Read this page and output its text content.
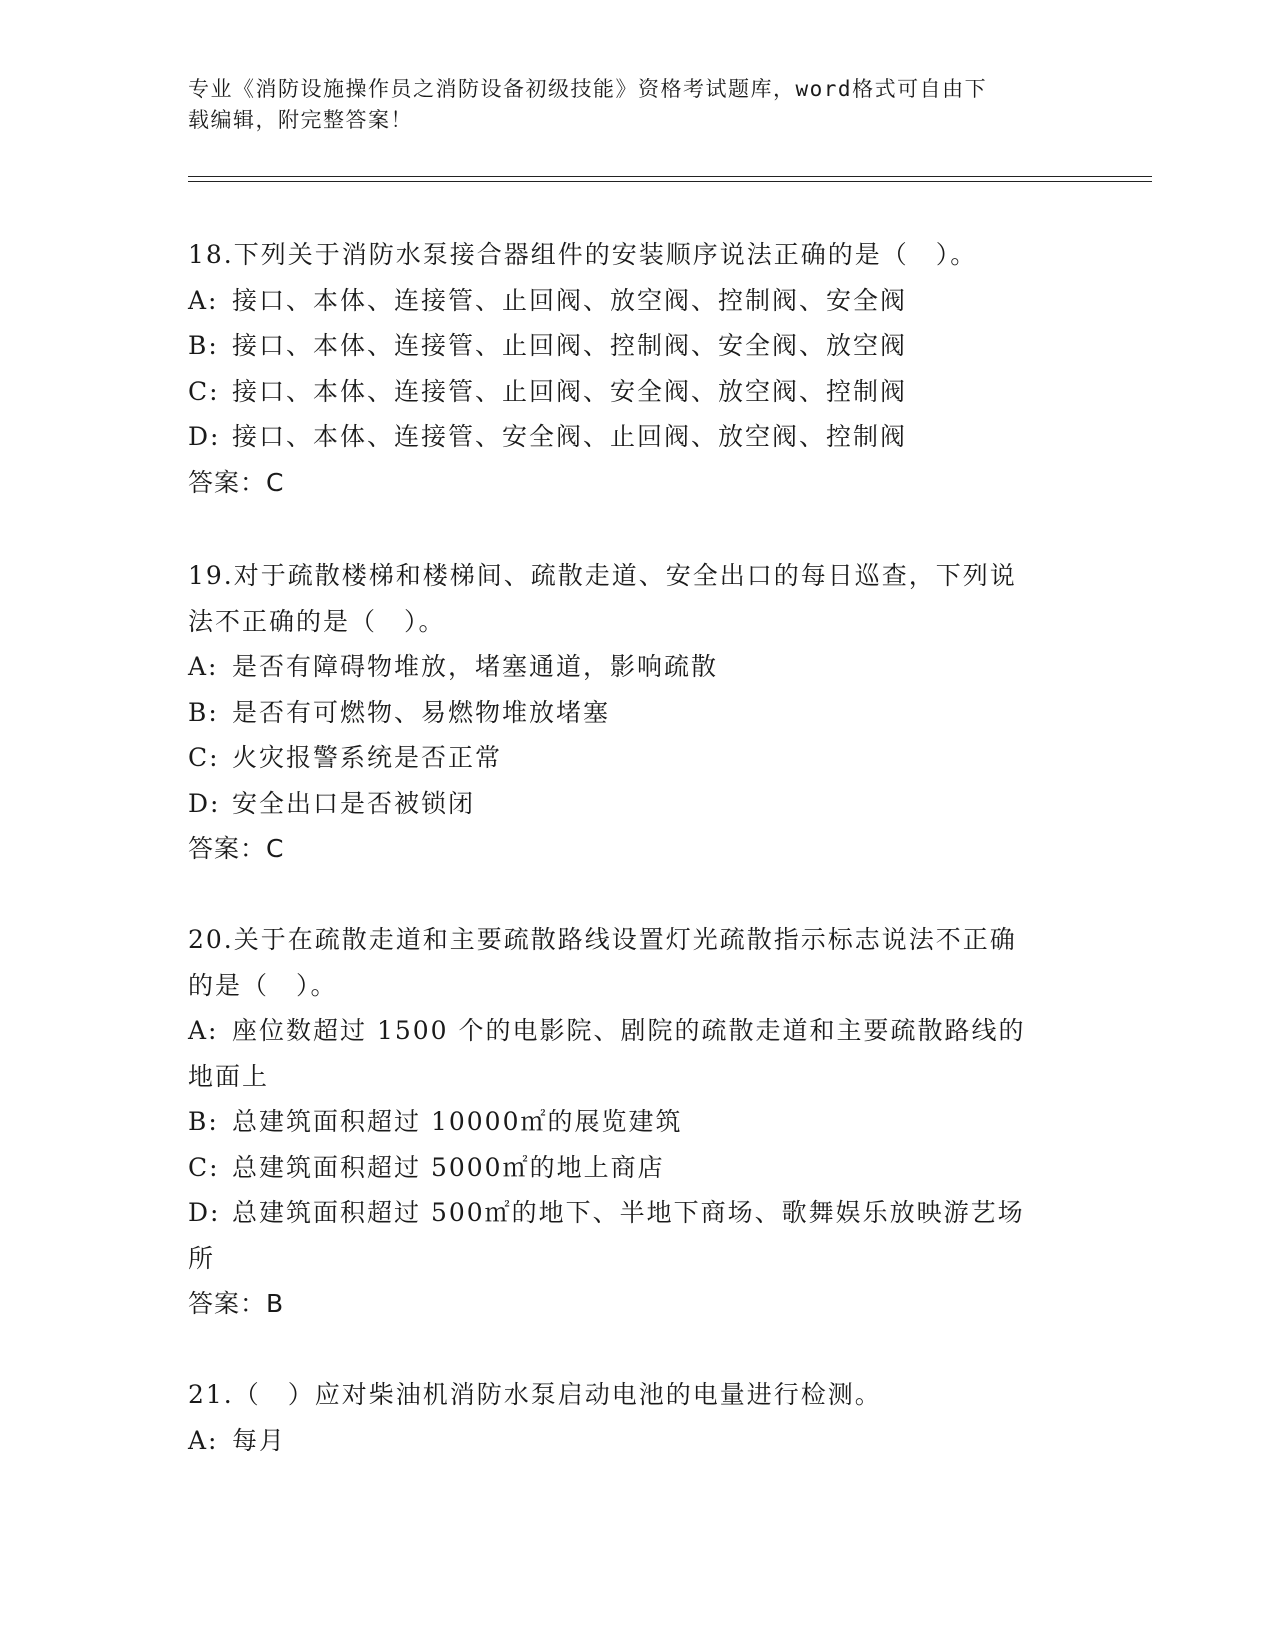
专业《消防设施操作员之消防设备初级技能》资格考试题库，word格式可自由下
载编辑，附完整答案！
18.下列关于消防水泵接合器组件的安装顺序说法正确的是（　）。
A: 接口、本体、连接管、止回阀、放空阀、控制阀、安全阀
B: 接口、本体、连接管、止回阀、控制阀、安全阀、放空阀
C: 接口、本体、连接管、止回阀、安全阀、放空阀、控制阀
D: 接口、本体、连接管、安全阀、止回阀、放空阀、控制阀
答案：C
19.对于疏散楼梯和楼梯间、疏散走道、安全出口的每日巡查，下列说
法不正确的是（　）。
A: 是否有障碍物堆放，堵塞通道，影响疏散
B: 是否有可燃物、易燃物堆放堵塞
C: 火灾报警系统是否正常
D: 安全出口是否被锁闭
答案：C
20.关于在疏散走道和主要疏散路线设置灯光疏散指示标志说法不正确
的是（　）。
A: 座位数超过 1500 个的电影院、剧院的疏散走道和主要疏散路线的
地面上
B: 总建筑面积超过 10000㎡的展览建筑
C: 总建筑面积超过 5000㎡的地上商店
D: 总建筑面积超过 500㎡的地下、半地下商场、歌舞娱乐放映游艺场
所
答案：B
21.（　）应对柴油机消防水泵启动电池的电量进行检测。
A: 每月
